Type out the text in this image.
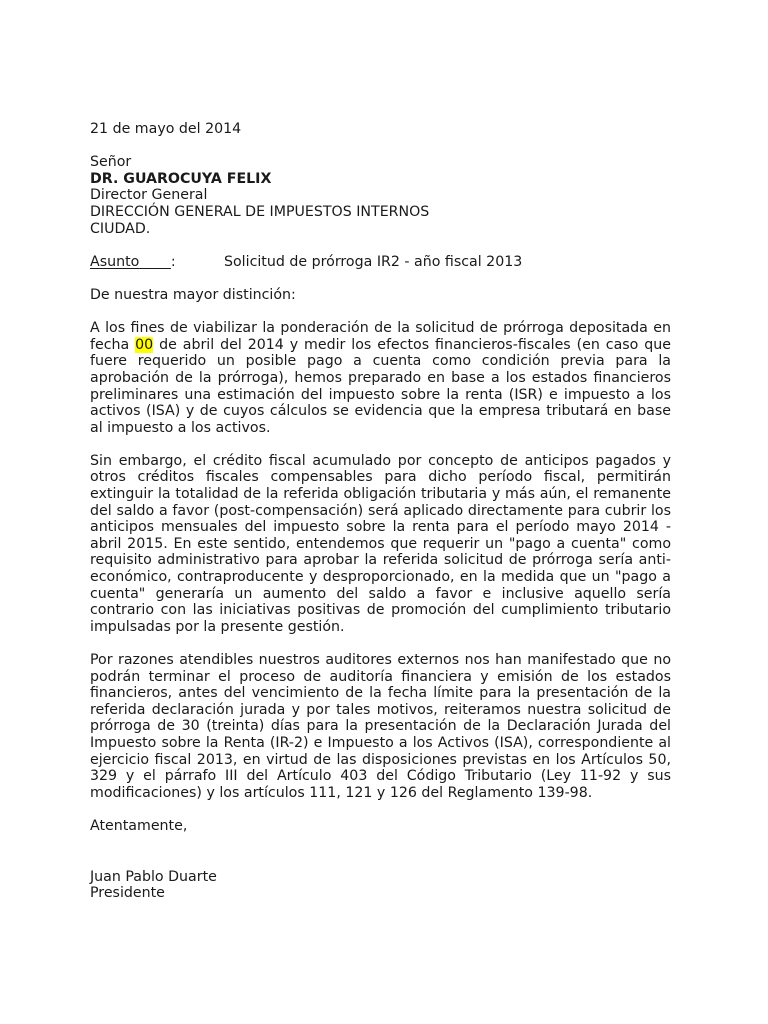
21 de mayo del 2014

Señor

DR. GUAROCUYA FELIX

Director General

DIRECCIÓN GENERAL DE IMPUESTOS INTERNOS

CIUDAD.

Asunto :	Solicitud de prórroga IR2 - año fiscal 2013

De nuestra mayor distinción:

A los fines de viabilizar la ponderación de la solicitud de prórroga depositada en fecha 00 de abril del 2014 y medir los efectos financieros-fiscales (en caso que fuere requerido un posible pago a cuenta como condición previa para la aprobación de la prórroga), hemos preparado en base a los estados financieros preliminares una estimación del impuesto sobre la renta (ISR) e impuesto a los activos (ISA) y de cuyos cálculos se evidencia que la empresa tributará en base al impuesto a los activos.

Sin embargo, el crédito fiscal acumulado por concepto de anticipos pagados y otros créditos fiscales compensables para dicho período fiscal, permitirán extinguir la totalidad de la referida obligación tributaria y más aún, el remanente del saldo a favor (post-compensación) será aplicado directamente para cubrir los anticipos mensuales del impuesto sobre la renta para el período mayo 2014 - abril 2015. En este sentido, entendemos que requerir un "pago a cuenta" como requisito administrativo para aprobar la referida solicitud de prórroga sería anti-económico, contraproducente y desproporcionado, en la medida que un "pago a cuenta" generaría un aumento del saldo a favor e inclusive aquello sería contrario con las iniciativas positivas de promoción del cumplimiento tributario impulsadas por la presente gestión.

Por razones atendibles nuestros auditores externos nos han manifestado que no podrán terminar el proceso de auditoría financiera y emisión de los estados financieros, antes del vencimiento de la fecha límite para la presentación de la referida declaración jurada y por tales motivos, reiteramos nuestra solicitud de prórroga de 30 (treinta) días para la presentación de la Declaración Jurada del Impuesto sobre la Renta (IR-2) e Impuesto a los Activos (ISA), correspondiente al ejercicio fiscal 2013, en virtud de las disposiciones previstas en los Artículos 50, 329 y el párrafo III del Artículo 403 del Código Tributario (Ley 11-92 y sus modificaciones) y los artículos 111, 121 y 126 del Reglamento 139-98.

Atentamente,

Juan Pablo Duarte

Presidente
